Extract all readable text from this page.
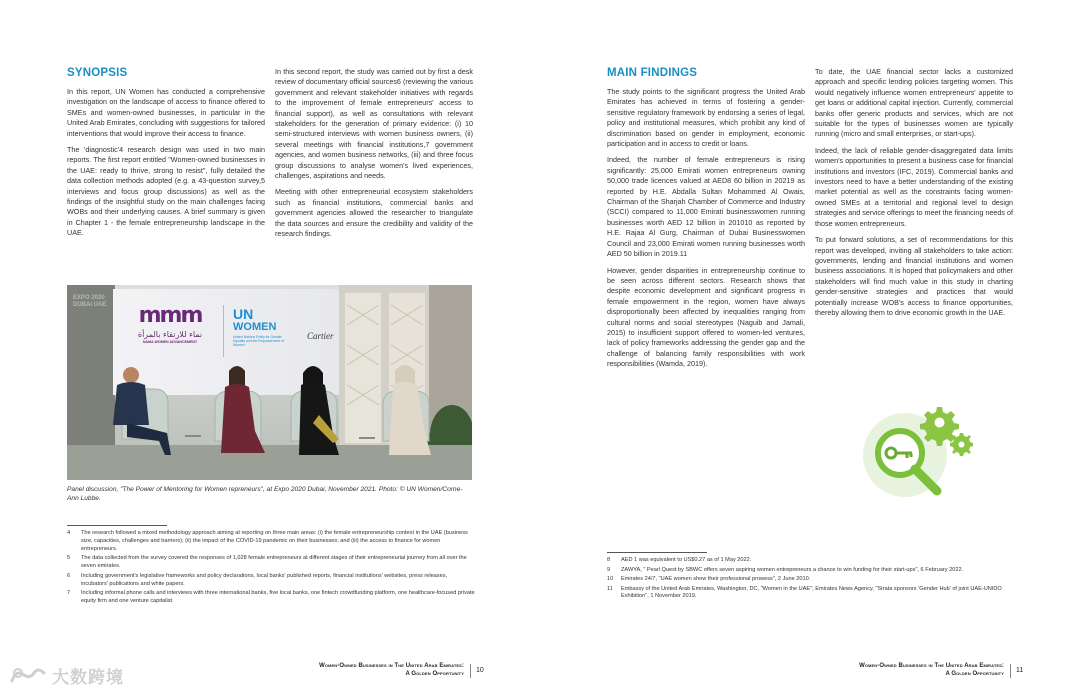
SYNOPSIS

In this report, UN Women has conducted a comprehensive investigation on the landscape of access to finance offered to SMEs and women-owned businesses, in particular in the United Arab Emirates, concluding with suggestions for tailored interventions that would improve their access to finance.

The 'diagnostic'4 research design was used in two main reports. The first report entitled "Women-owned businesses in the UAE: ready to thrive, strong to resist", fully detailed the data collection methods adopted (e.g. a 43-question survey,5 interviews and focus group discussions) as well as the findings of the insightful study on the main challenges facing WOBs and their underlying causes. A brief summary is given in Chapter 1 - the female entrepreneurship landscape in the UAE.

In this second report, the study was carried out by first a desk review of documentary official sources6 (reviewing the various government and relevant stakeholder initiatives with regards to the improvement of female entrepreneurs' access to financial support), as well as consultations with relevant stakeholders for the generation of primary evidence: (i) 10 semi-structured interviews with women business owners, (ii) several meetings with financial institutions,7 government agencies, and women business networks, (iii) and three focus group discussions to analyse women's lived experiences, challenges, aspirations and needs.

Meeting with other entrepreneurial ecosystem stakeholders such as financial institutions, commercial banks and government agencies allowed the researcher to triangulate the data sources and ensure the credibility and validity of the research findings.

mmm
نماء للارتقاء بالمرأة
NAMA WOMEN ADVANCEMENT
UN
WOMEN
United Nations Entity for Gender Equality and the Empowerment of Women
Cartier
EXPO 2020 DUBAI UAE
Panel discussion, "The Power of Mentoring for Women repreneurs", at Expo 2020 Dubai, November 2021. Photo: © UN Women/Corne-Ann Lubbe.
4	The research followed a mixed methodology approach aiming at reporting on three main areas: (i) the female entrepreneurship context in the UAE (business size, capacities, challenges and barriers); (ii) the impact of the COVID-19 pandemic on their businesses; and (iii) the access to finance for women entrepreneurs.
5	The data collected from the survey covered the responses of 1,028 female entrepreneurs at different stages of their entrepreneurial journey from all over the seven emirates.
6	Including government's legislative frameworks and policy declarations, local banks' published reports, financial institutions' websites, press releases, incubators' publications and white papers.
7	Including informal phone calls and interviews with three international banks, five local banks, one fintech crowdfunding platform, one healthcare-focused private equity firm and one venture capitalist.
Women-Owned Businesses in The United Arab Emirates:
A Golden Opportunity 10
MAIN FINDINGS

The study points to the significant progress the United Arab Emirates has achieved in terms of fostering a gender-sensitive regulatory framework by endorsing a series of legal, policy and institutional measures, which prohibit any kind of discrimination based on gender in employment, economic participation and in access to credit or loans.

Indeed, the number of female entrepreneurs is rising significantly: 25,000 Emirati women entrepreneurs owning 50,000 trade licences valued at AED8 60 billion in 20219 as reported by H.E. Abdalla Sultan Mohammed Al Owais, Chairman of the Sharjah Chamber of Commerce and Industry (SCCI) compared to 11,000 Emirati businesswomen running businesses worth AED 12 billion in 201010 as reported by H.E. Rajaa Al Gurg, Chairman of Dubai Businesswomen Council and 23,000 Emirati women running businesses worth AED 50 billion in 2019.11

However, gender disparities in entrepreneurship continue to be seen across different sectors. Research shows that despite economic development and significant progress in female empowerment in the region, women have always disproportionally been affected by inequalities ranging from cultural norms and social stereotypes (Naguib and Jamali, 2015) to insufficient support offered to women-led ventures, lack of policy frameworks addressing the gender gap and the challenge of balancing family responsibilities with work responsibilities (Wamda, 2019).

To date, the UAE financial sector lacks a customized approach and specific lending policies targeting women. This would negatively influence women entrepreneurs' appetite to get loans or additional capital injection. Currently, commercial banks offer generic products and services, which are not suitable for the types of businesses women are typically running (micro and small enterprises, or start-ups).

Indeed, the lack of reliable gender-disaggregated data limits women's opportunities to present a business case for financial institutions and investors (IFC, 2019). Commercial banks and investors need to have a better understanding of the existing market potential as well as the constraints facing women-owned SMEs at a territorial and regional level to design strategies and service offerings to meet the financing needs of those women entrepreneurs.

To put forward solutions, a set of recommendations for this report was developed, inviting all stakeholders to take action: governments, lending and financial institutions and women business associations. It is hoped that policymakers and other stakeholders will find much value in this study in charting gender-sensitive strategies and practices that would potentially increase WOB's access to finance opportunities, thereby allowing them to drive economic growth in the UAE.

8	AED 1 was equivalent to US$0.27 as of 1 May 2022.
9	ZAWYA, " Pearl Quest by SBWC offers seven aspiring women entrepreneurs a chance to win funding for their start-ups", 6 February 2022.
10	Emirates 24/7, "UAE women show their professional prowess", 2 June 2010.
11	Embassy of the United Arab Emirates, Washington, DC, "Women in the UAE"; Emirates News Agency, "Strata sponsors 'Gender Hub' of joint UAE-UNIDO Exhibition", 1 November 2019.
Women-Owned Businesses in The United Arab Emirates:
A Golden Opportunity 11
大数跨境
